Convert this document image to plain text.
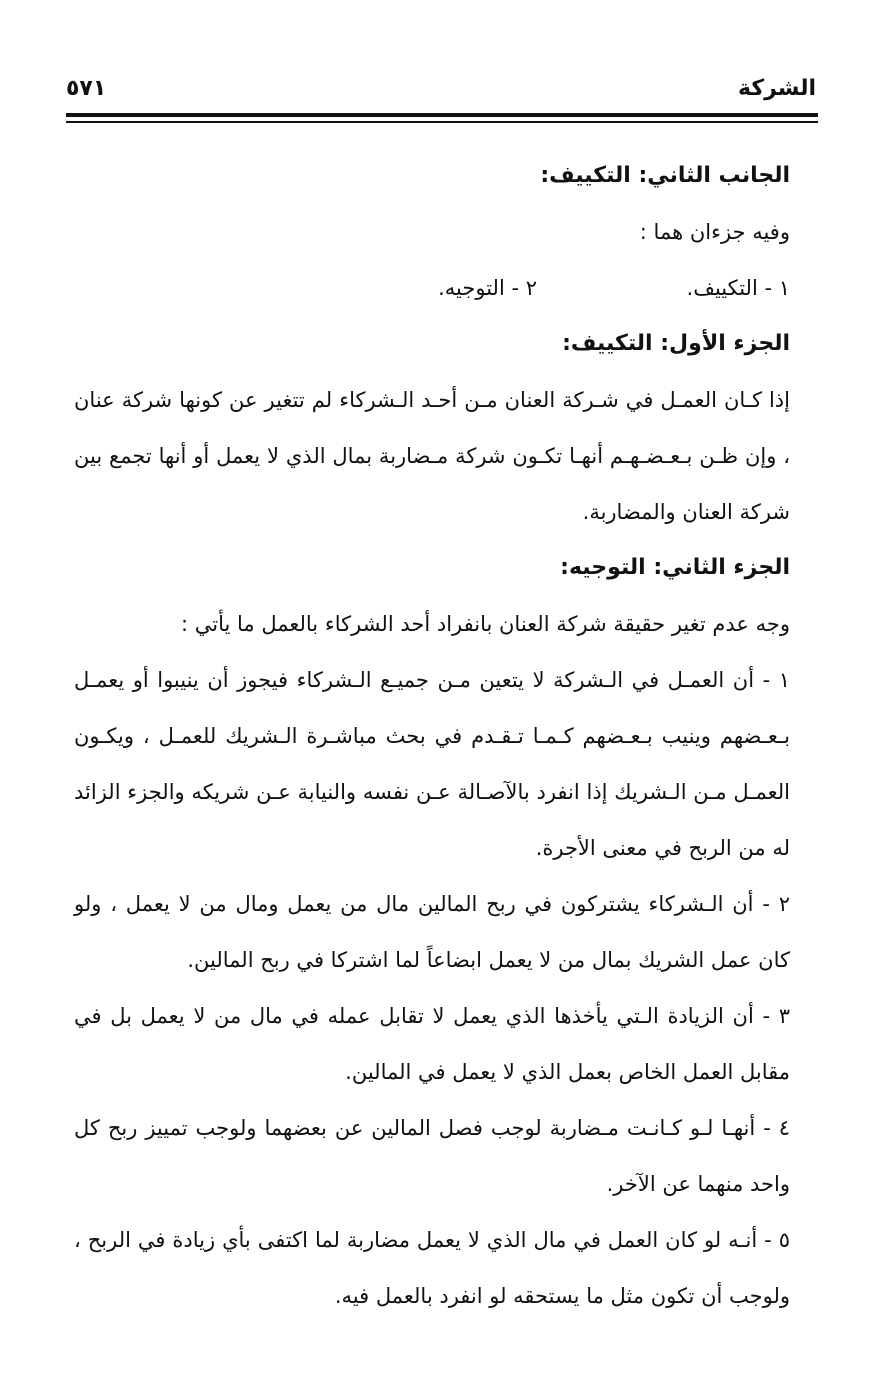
الشركة
٥٧١

الجانب الثاني: التكييف:

وفيه جزءان هما :

١ - التكييف.
٢ - التوجيه.

الجزء الأول: التكييف:

إذا كـان العمـل في شـركة العنان مـن أحـد الـشركاء لم تتغير عن كونها شركة عنان ، وإن ظـن بـعـضـهـم أنهـا تكـون شركة مـضاربة بمال الذي لا يعمل أو أنها تجمع بين شركة العنان والمضاربة.

الجزء الثاني: التوجيه:

وجه عدم تغير حقيقة شركة العنان بانفراد أحد الشركاء بالعمل ما يأتي :

١ - أن العمـل في الـشركة لا يتعين مـن جميـع الـشركاء فيجوز أن ينيبوا أو يعمـل بـعـضهم وينيب بـعـضهم كـمـا تـقـدم في بحث مباشـرة الـشريك للعمـل ، ويكـون العمـل مـن الـشريك إذا انفرد بالآصـالة عـن نفسه والنيابة عـن شريكه والجزء الزائد له من الربح في معنى الأجرة.

٢ - أن الـشركاء يشتركون في ربح المالين مال من يعمل ومال من لا يعمل ، ولو كان عمل الشريك بمال من لا يعمل ابضاعاً لما اشتركا في ربح المالين.

٣ - أن الزيادة الـتي يأخذها الذي يعمل لا تقابل عمله في مال من لا يعمل بل في مقابل العمل الخاص بعمل الذي لا يعمل في المالين.

٤ - أنهـا لـو كـانـت مـضاربة لوجب فصل المالين عن بعضهما ولوجب تمييز ربح كل واحد منهما عن الآخر.

٥ - أنـه لو كان العمل في مال الذي لا يعمل مضاربة لما اكتفى بأي زيادة في الربح ، ولوجب أن تكون مثل ما يستحقه لو انفرد بالعمل فيه.
